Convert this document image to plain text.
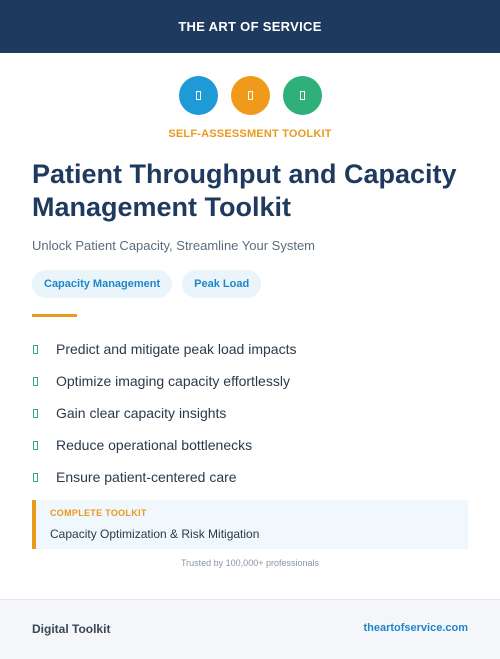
THE ART OF SERVICE
SELF-ASSESSMENT TOOLKIT
Patient Throughput and Capacity Management Toolkit
Unlock Patient Capacity, Streamline Your System
Capacity Management	Peak Load
Predict and mitigate peak load impacts
Optimize imaging capacity effortlessly
Gain clear capacity insights
Reduce operational bottlenecks
Ensure patient-centered care
COMPLETE TOOLKIT
Capacity Optimization & Risk Mitigation
Trusted by 100,000+ professionals
Digital Toolkit	theartofservice.com
